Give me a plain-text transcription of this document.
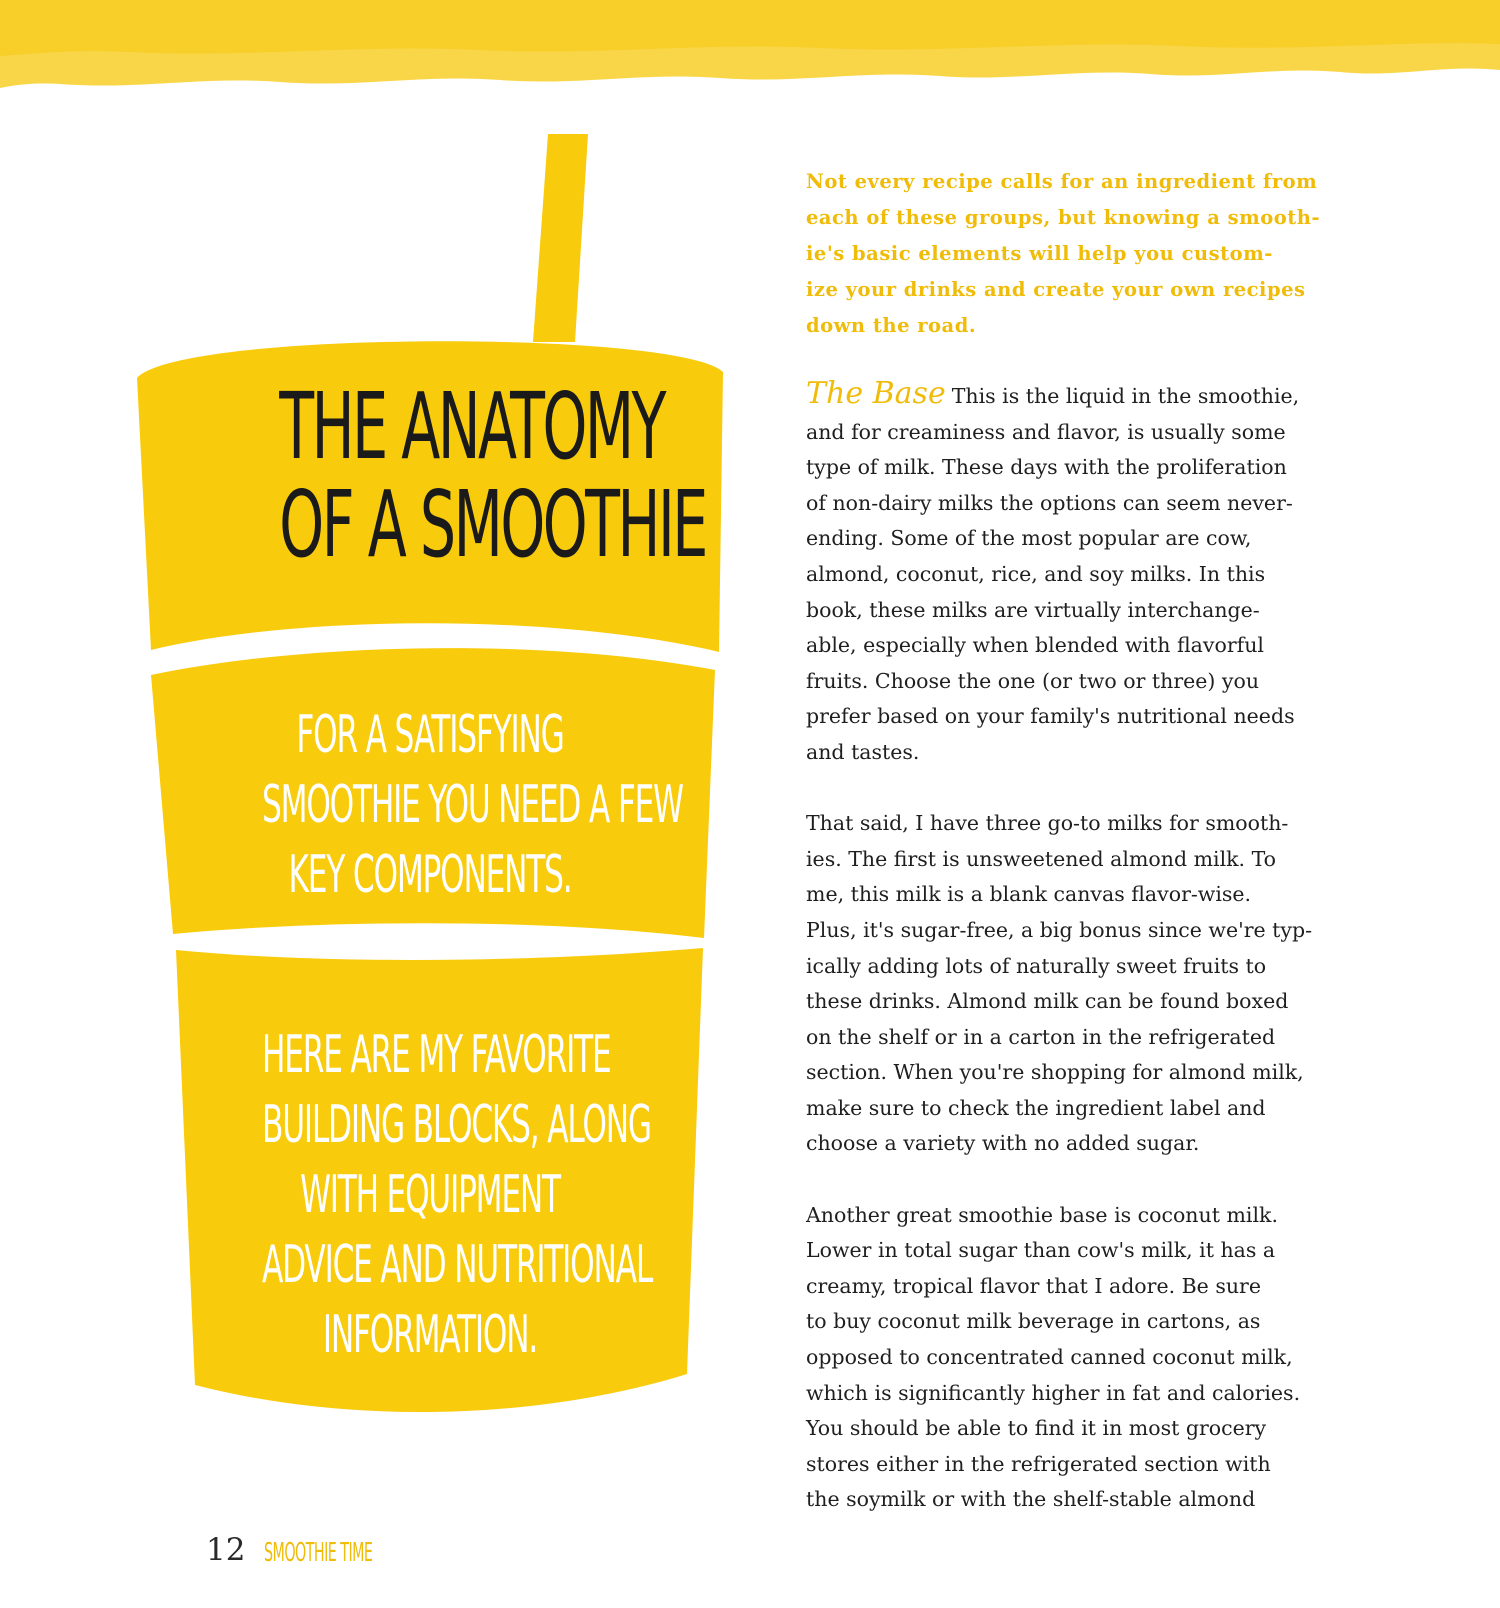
THE ANATOMY
OF A SMOOTHIE
FOR A SATISFYING
SMOOTHIE YOU NEED A FEW
KEY COMPONENTS.
HERE ARE MY FAVORITE
BUILDING BLOCKS, ALONG
WITH EQUIPMENT
ADVICE AND NUTRITIONAL
INFORMATION.
Not every recipe calls for an ingredient from
each of these groups, but knowing a smooth-
ie's basic elements will help you custom-
ize your drinks and create your own recipes
down the road.
The Base This is the liquid in the smoothie,
and for creaminess and flavor, is usually some
type of milk. These days with the proliferation
of non-dairy milks the options can seem never-
ending. Some of the most popular are cow,
almond, coconut, rice, and soy milks. In this
book, these milks are virtually interchange-
able, especially when blended with flavorful
fruits. Choose the one (or two or three) you
prefer based on your family's nutritional needs
and tastes.
That said, I have three go-to milks for smooth-
ies. The first is unsweetened almond milk. To
me, this milk is a blank canvas flavor-wise.
Plus, it's sugar-free, a big bonus since we're typ-
ically adding lots of naturally sweet fruits to
these drinks. Almond milk can be found boxed
on the shelf or in a carton in the refrigerated
section. When you're shopping for almond milk,
make sure to check the ingredient label and
choose a variety with no added sugar.
Another great smoothie base is coconut milk.
Lower in total sugar than cow's milk, it has a
creamy, tropical flavor that I adore. Be sure
to buy coconut milk beverage in cartons, as
opposed to concentrated canned coconut milk,
which is significantly higher in fat and calories.
You should be able to find it in most grocery
stores either in the refrigerated section with
the soymilk or with the shelf-stable almond
12 SMOOTHIE TIME
